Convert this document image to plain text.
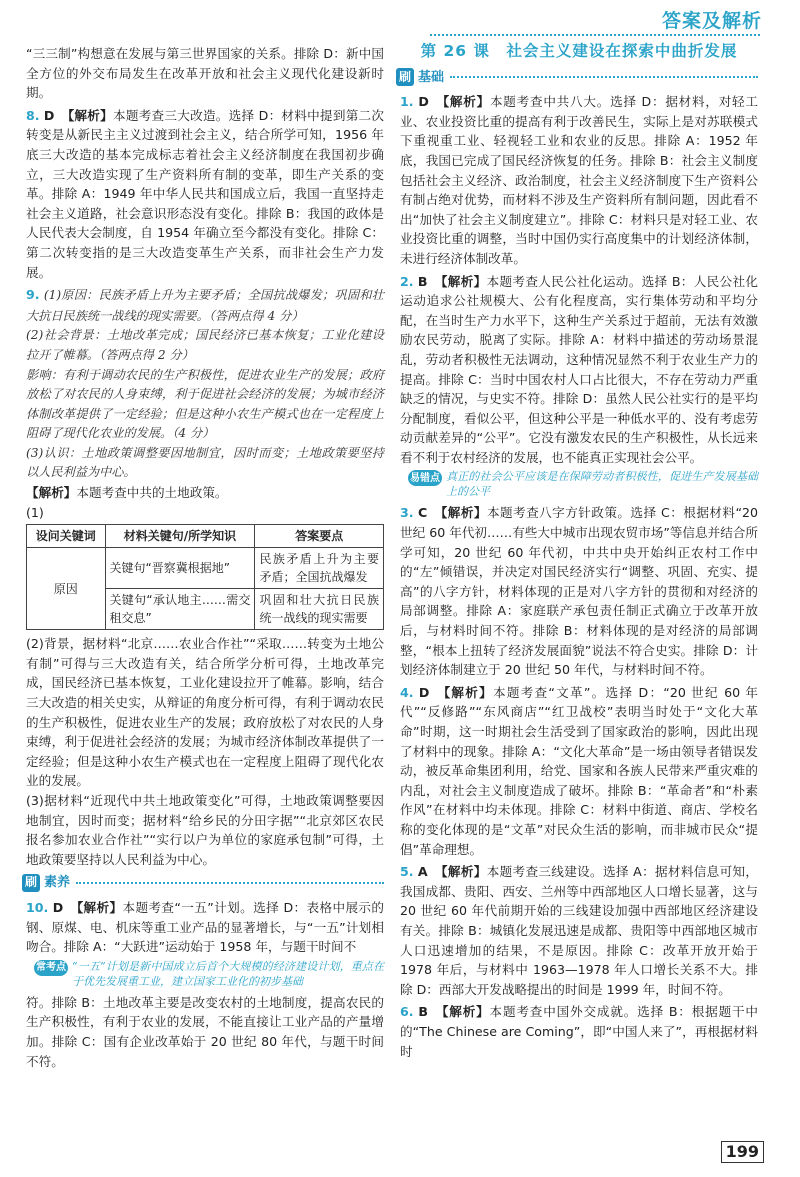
答案及解析
“三三制”构想意在发展与第三世界国家的关系。排除 D：新中国全方位的外交布局发生在改革开放和社会主义现代化建设新时期。
8. D 【解析】本题考查三大改造。选择 D：材料中提到第二次转变是从新民主主义过渡到社会主义，结合所学可知，1956 年底三大改造的基本完成标志着社会主义经济制度在我国初步确立，三大改造实现了生产资料所有制的变革，即生产关系的变革。排除 A：1949 年中华人民共和国成立后，我国一直坚持走社会主义道路，社会意识形态没有变化。排除 B：我国的政体是人民代表大会制度，自 1954 年确立至今都没有变化。排除 C：第二次转变指的是三大改造变革生产关系，而非社会生产力发展。
9. (1)原因：民族矛盾上升为主要矛盾；全国抗战爆发；巩固和壮大抗日民族统一战线的现实需要。（答两点得 4 分）
(2)社会背景：土地改革完成；国民经济已基本恢复；工业化建设拉开了帷幕。（答两点得 2 分）
影响：有利于调动农民的生产积极性，促进农业生产的发展；政府放松了对农民的人身束缚，利于促进社会经济的发展；为城市经济体制改革提供了一定经验；但是这种小农生产模式也在一定程度上阻碍了现代化农业的发展。（4 分）
(3)认识：土地政策调整要因地制宜，因时而变；土地政策要坚持以人民利益为中心。
【解析】本题考查中共的土地政策。
(1)
设问关键词	材料关键句/所学知识	答案要点
原因	关键句“晋察冀根据地”	民族矛盾上升为主要矛盾；全国抗战爆发
	关键句“承认地主……需交租交息”	巩固和壮大抗日民族统一战线的现实需要
(2)背景，据材料“北京……农业合作社”“采取……转变为土地公有制”可得与三大改造有关，结合所学分析可得，土地改革完成，国民经济已基本恢复，工业化建设拉开了帷幕。影响，结合三大改造的相关史实，从辩证的角度分析可得，有利于调动农民的生产积极性，促进农业生产的发展；政府放松了对农民的人身束缚，利于促进社会经济的发展；为城市经济体制改革提供了一定经验；但是这种小农生产模式也在一定程度上阻碍了现代化农业的发展。
(3)据材料“近现代中共土地政策变化”可得，土地政策调整要因地制宜，因时而变；据材料“给乡民的分田字据”“北京郊区农民报名参加农业合作社”“实行以户为单位的家庭承包制”可得，土地政策要坚持以人民利益为中心。
刷 素养
10. D 【解析】本题考查“一五”计划。选择 D：表格中展示的钢、原煤、电、机床等重工业产品的显著增长，与“一五”计划相吻合。排除 A：“大跃进”运动始于 1958 年，与题干时间不
常考点 “一五”计划是新中国成立后首个大规模的经济建设计划，重点在于优先发展重工业，建立国家工业化的初步基础
符。排除 B：土地改革主要是改变农村的土地制度，提高农民的生产积极性，有利于农业的发展，不能直接让工业产品的产量增加。排除 C：国有企业改革始于 20 世纪 80 年代，与题干时间不符。
第 26 课　社会主义建设在探索中曲折发展
刷 基础
1. D 【解析】本题考查中共八大。选择 D：据材料，对轻工业、农业投资比重的提高有利于改善民生，实际上是对苏联模式下重视重工业、轻视轻工业和农业的反思。排除 A：1952 年底，我国已完成了国民经济恢复的任务。排除 B：社会主义制度包括社会主义经济、政治制度，社会主义经济制度下生产资料公有制占绝对优势，而材料不涉及生产资料所有制问题，因此看不出“加快了社会主义制度建立”。排除 C：材料只是对轻工业、农业投资比重的调整，当时中国仍实行高度集中的计划经济体制，未进行经济体制改革。
2. B 【解析】本题考查人民公社化运动。选择 B：人民公社化运动追求公社规模大、公有化程度高，实行集体劳动和平均分配，在当时生产力水平下，这种生产关系过于超前，无法有效激励农民劳动，脱离了实际。排除 A：材料中描述的劳动场景混乱，劳动者积极性无法调动，这种情况显然不利于农业生产力的提高。排除 C：当时中国农村人口占比很大，不存在劳动力严重缺乏的情况，与史实不符。排除 D：虽然人民公社实行的是平均分配制度，看似公平，但这种公平是一种低水平的、没有考虑劳动贡献差异的“公平”。它没有激发农民的生产积极性，从长远来看不利于农村经济的发展，也不能真正实现社会公平。
易错点 真正的社会公平应该是在保障劳动者积极性，促进生产发展基础上的公平
3. C 【解析】本题考查八字方针政策。选择 C：根据材料“20 世纪 60 年代初……有些大中城市出现农贸市场”等信息并结合所学可知，20 世纪 60 年代初，中共中央开始纠正农村工作中的“左”倾错误，并决定对国民经济实行“调整、巩固、充实、提高”的八字方针，材料体现的正是对八字方针的贯彻和对经济的局部调整。排除 A：家庭联产承包责任制正式确立于改革开放后，与材料时间不符。排除 B：材料体现的是对经济的局部调整，“根本上扭转了经济发展面貌”说法不符合史实。排除 D：计划经济体制建立于 20 世纪 50 年代，与材料时间不符。
4. D 【解析】本题考查“文革”。选择 D：“20 世纪 60 年代”“反修路”“东风商店”“红卫战校”表明当时处于“文化大革命”时期，这一时期社会生活受到了国家政治的影响，因此出现了材料中的现象。排除 A：“文化大革命”是一场由领导者错误发动，被反革命集团利用，给党、国家和各族人民带来严重灾难的内乱，对社会主义制度造成了破坏。排除 B：“革命者”和“朴素作风”在材料中均未体现。排除 C：材料中街道、商店、学校名称的变化体现的是“文革”对民众生活的影响，而非城市民众“提倡”革命理想。
5. A 【解析】本题考查三线建设。选择 A：据材料信息可知，我国成都、贵阳、西安、兰州等中西部地区人口增长显著，这与 20 世纪 60 年代前期开始的三线建设加强中西部地区经济建设有关。排除 B：城镇化发展迅速是成都、贵阳等中西部地区城市人口迅速增加的结果，不是原因。排除 C：改革开放开始于 1978 年后，与材料中 1963—1978 年人口增长关系不大。排除 D：西部大开发战略提出的时间是 1999 年，时间不符。
6. B 【解析】本题考查中国外交成就。选择 B：根据题干中的“The Chinese are Coming”，即“中国人来了”，再根据材料时
199
